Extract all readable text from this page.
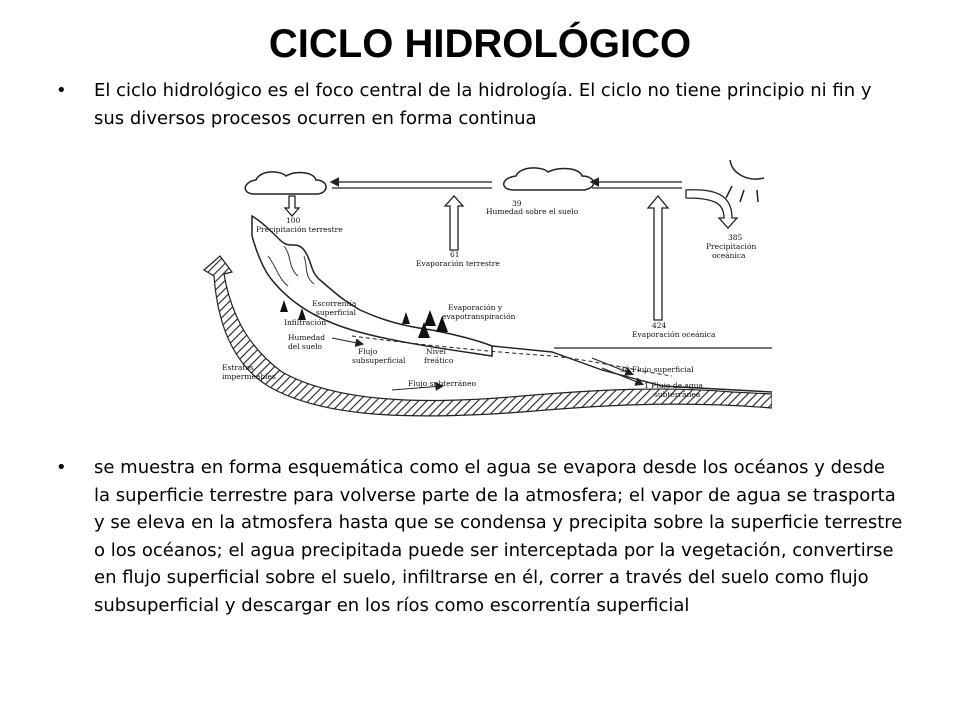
CICLO HIDROLÓGICO
•	El ciclo hidrológico es el foco central de la hidrología. El ciclo no tiene principio ni fin y sus diversos procesos ocurren en forma continua
100
Precipitación terrestre
39
Humedad sobre el suelo
61
Evaporación terrestre
385
Precipitación
oceánica
424
Evaporación oceánica
Escorrentía
superficial
Infiltración
Evaporación y
evapotranspiración
Humedad
del suelo
Flujo
subsuperficial
Nivel
freático
Estratos
impermeables
Flujo subterráneo
38 Flujo superficial
1 Flujo de agua
subterránea
•	se muestra en forma esquemática como el agua se evapora desde los océanos y desde la superficie terrestre para volverse parte de la atmosfera; el vapor de agua se trasporta y se eleva en la atmosfera hasta que se condensa y precipita sobre la superficie terrestre o los océanos; el agua precipitada puede ser interceptada por la vegetación, convertirse en flujo superficial sobre el suelo, infiltrarse en él, correr a través del suelo como flujo subsuperficial y descargar en los ríos como escorrentía superficial
